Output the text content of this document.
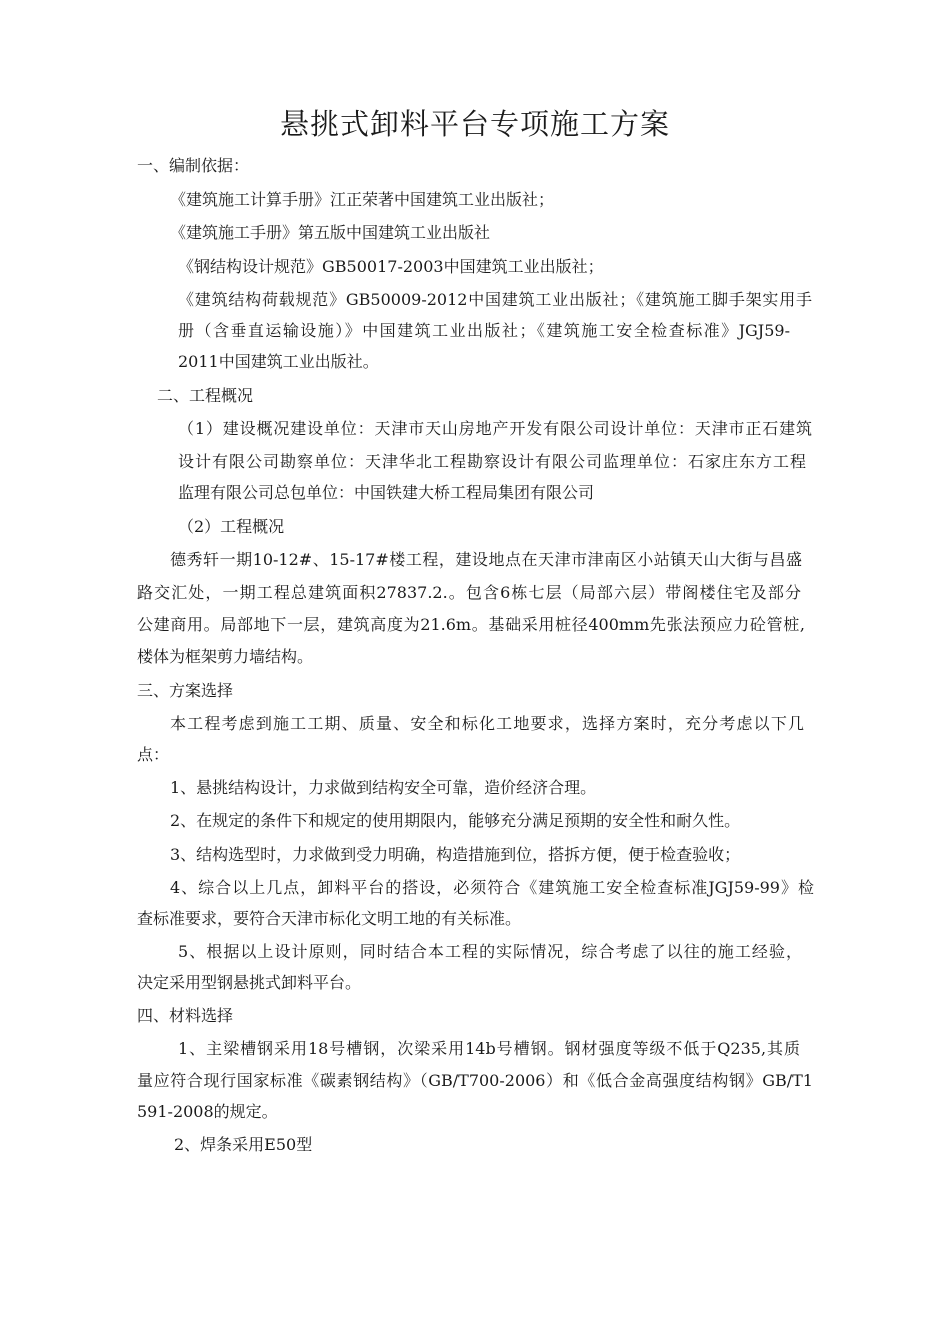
悬挑式卸料平台专项施工方案
一、编制依据：
《建筑施工计算手册》江正荣著中国建筑工业出版社；
《建筑施工手册》第五版中国建筑工业出版社
《钢结构设计规范》GB50017-2003中国建筑工业出版社；
《建筑结构荷载规范》GB50009-2012中国建筑工业出版社；《建筑施工脚手架实用手
册（含垂直运输设施）》中国建筑工业出版社；《建筑施工安全检查标准》JGJ59-
2011中国建筑工业出版社。
二、工程概况
（1）建设概况建设单位：天津市天山房地产开发有限公司设计单位：天津市正石建筑
设计有限公司勘察单位：天津华北工程勘察设计有限公司监理单位：石家庄东方工程
监理有限公司总包单位：中国铁建大桥工程局集团有限公司
（2）工程概况
德秀轩一期10-12#、15-17#楼工程，建设地点在天津市津南区小站镇天山大街与昌盛
路交汇处，一期工程总建筑面积27837.2.。包含6栋七层（局部六层）带阁楼住宅及部分
公建商用。局部地下一层，建筑高度为21.6m。基础采用桩径400mm先张法预应力砼管桩,
楼体为框架剪力墙结构。
三、方案选择
本工程考虑到施工工期、质量、安全和标化工地要求，选择方案时，充分考虑以下几
点：
1、悬挑结构设计，力求做到结构安全可靠，造价经济合理。
2、在规定的条件下和规定的使用期限内，能够充分满足预期的安全性和耐久性。
3、结构选型时，力求做到受力明确，构造措施到位，搭拆方便，便于检查验收；
4、综合以上几点，卸料平台的搭设，必须符合《建筑施工安全检查标准JGJ59-99》检
查标准要求，要符合天津市标化文明工地的有关标准。
5、根据以上设计原则，同时结合本工程的实际情况，综合考虑了以往的施工经验，
决定采用型钢悬挑式卸料平台。
四、材料选择
1、主梁槽钢采用18号槽钢，次梁采用14b号槽钢。钢材强度等级不低于Q235,其质
量应符合现行国家标准《碳素钢结构》（GB/T700-2006）和《低合金高强度结构钢》GB/T1
591-2008的规定。
2、焊条采用E50型
